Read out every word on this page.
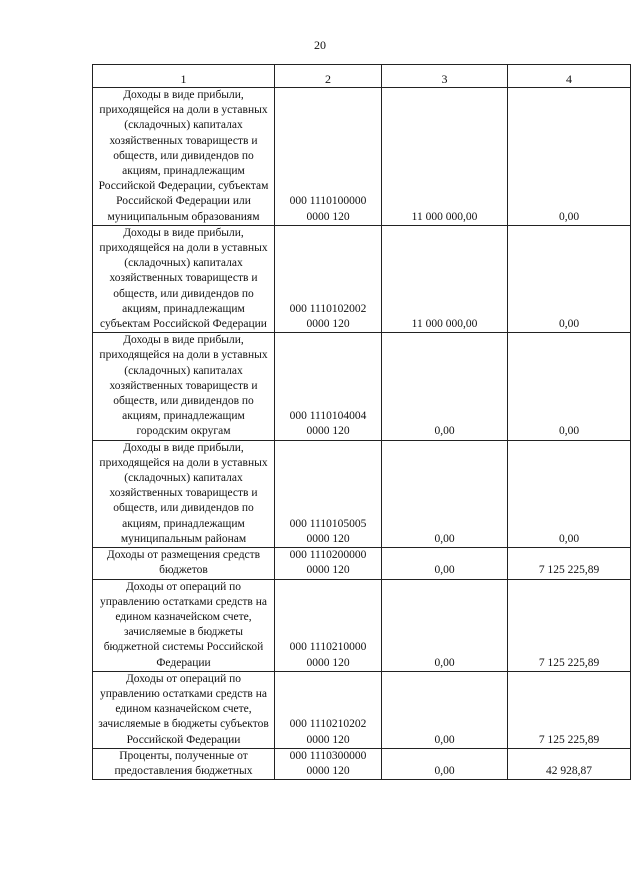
20
1	2	3	4
Доходы в виде прибыли, приходящейся на доли в уставных (складочных) капиталах хозяйственных товариществ и обществ, или дивидендов по акциям, принадлежащим Российской Федерации, субъектам Российской Федерации или муниципальным образованиям	000 1110100000 0000 120	11 000 000,00	0,00
Доходы в виде прибыли, приходящейся на доли в уставных (складочных) капиталах хозяйственных товариществ и обществ, или дивидендов по акциям, принадлежащим субъектам Российской Федерации	000 1110102002 0000 120	11 000 000,00	0,00
Доходы в виде прибыли, приходящейся на доли в уставных (складочных) капиталах хозяйственных товариществ и обществ, или дивидендов по акциям, принадлежащим городским округам	000 1110104004 0000 120	0,00	0,00
Доходы в виде прибыли, приходящейся на доли в уставных (складочных) капиталах хозяйственных товариществ и обществ, или дивидендов по акциям, принадлежащим муниципальным районам	000 1110105005 0000 120	0,00	0,00
Доходы от размещения средств бюджетов	000 1110200000 0000 120	0,00	7 125 225,89
Доходы от операций по управлению остатками средств на едином казначейском счете, зачисляемые в бюджеты бюджетной системы Российской Федерации	000 1110210000 0000 120	0,00	7 125 225,89
Доходы от операций по управлению остатками средств на едином казначейском счете, зачисляемые в бюджеты субъектов Российской Федерации	000 1110210202 0000 120	0,00	7 125 225,89
Проценты, полученные от предоставления бюджетных	000 1110300000 0000 120	0,00	42 928,87
